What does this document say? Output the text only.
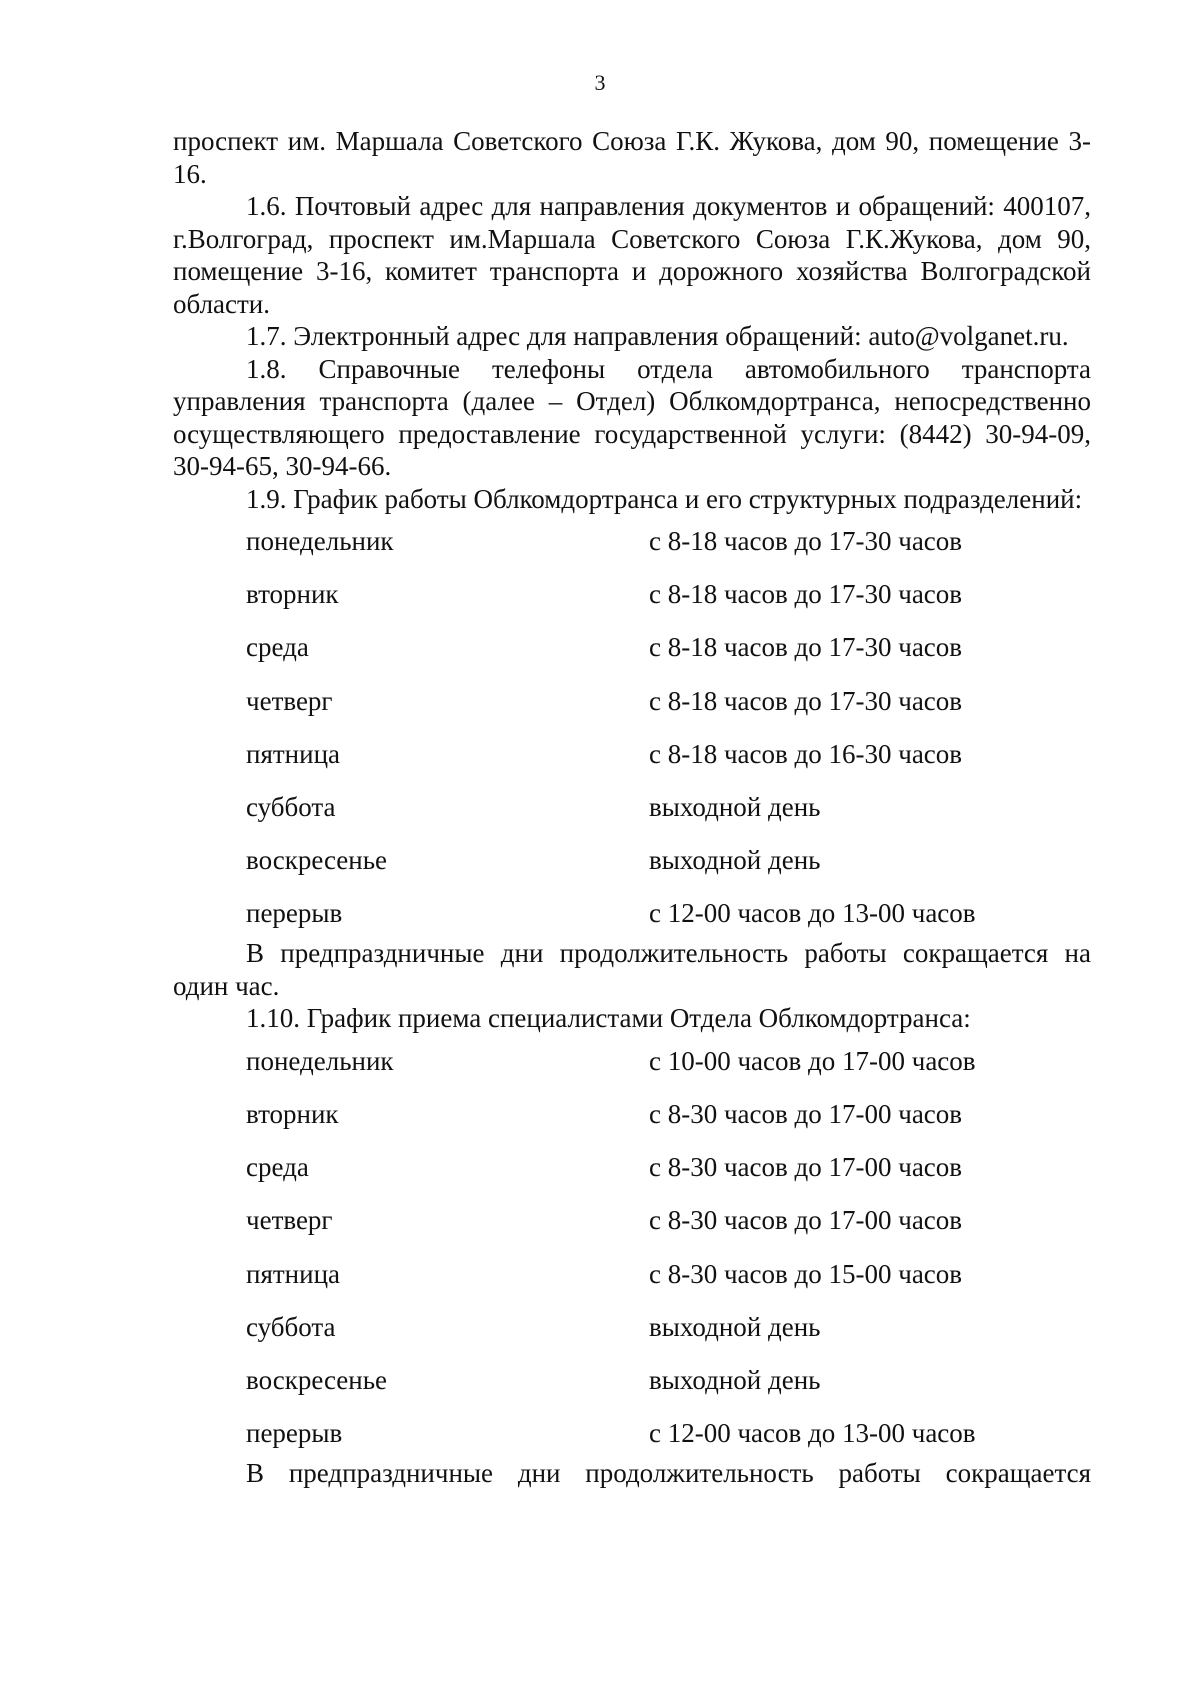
3

проспект им. Маршала Советского Союза Г.К. Жукова, дом 90, помещение 3-16.

1.6. Почтовый адрес для направления документов и обращений: 400107, г.Волгоград, проспект им.Маршала Советского Союза Г.К.Жукова, дом 90, помещение 3-16, комитет транспорта и дорожного хозяйства Волгоградской области.

1.7. Электронный адрес для направления обращений: auto@volganet.ru.

1.8. Справочные телефоны отдела автомобильного транспорта управления транспорта (далее – Отдел) Облкомдортранса, непосредственно осуществляющего предоставление государственной услуги: (8442) 30-94-09, 30-94-65, 30-94-66.

1.9. График работы Облкомдортранса и его структурных подразделений:

понедельник	с 8-18 часов до 17-30 часов
вторник	с 8-18 часов до 17-30 часов
среда	с 8-18 часов до 17-30 часов
четверг	с 8-18 часов до 17-30 часов
пятница	с 8-18 часов до 16-30 часов
суббота	выходной день
воскресенье	выходной день
перерыв	с 12-00 часов до 13-00 часов

В предпраздничные дни продолжительность работы сокращается на один час.

1.10. График приема специалистами Отдела Облкомдортранса:

понедельник	с 10-00 часов до 17-00 часов
вторник	с 8-30 часов до 17-00 часов
среда	с 8-30 часов до 17-00 часов
четверг	с 8-30 часов до 17-00 часов
пятница	с 8-30 часов до 15-00 часов
суббота	выходной день
воскресенье	выходной день
перерыв	с 12-00 часов до 13-00 часов

В предпраздничные дни продолжительность работы сокращается
